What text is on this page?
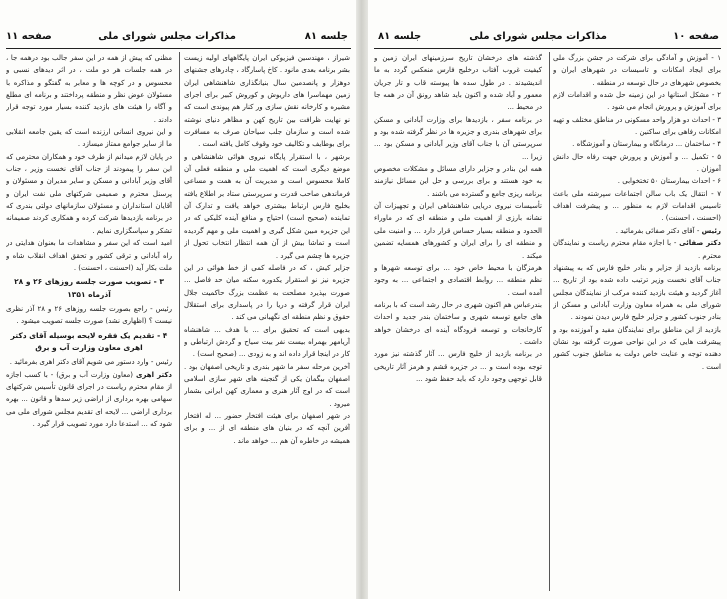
جلسه ۸۱
مذاکرات مجلس شورای ملی
صفحه ۱۱

شیراز ، مهندسین فیزیوکی ایران پایگاههای اولیه زیست بشر برنامه بعدی مانود . کاخ پاسارگاد ، چادرهای جشنهای دوهزار و پانصدمین سال بنیانگذاری شاهنشاهی ایران زمین مهماسرا های داریوش و کوروش کبیر برای اجرای مشیره و کارخانه نقش سازی ور کنار هم پیوندی است که نو نهایت ظرافت بین تاریخ کهن و مظاهر دنیای نوشته شده است و سازمان جلب سیاحان صرف به مسافرت برای بوطایف و تکالیف خود وقوف کامل یافته است .

برشهر ، با استقرار پایگاه نیروی هوائی شاهنشاهی و موضع دیگری است که اهمیت ملی و منطقه فعلی آن کاملا محسوس است و مدیریت آن به همت و مساعی فرماندهی صاحب قدرت و سرپرستی ستاد بر اطلاع یافته بخلیج فارس ارتباط بیشتری خواهد یافت و تدارک آن تماینده (صحیح است) احتیاج و منافع آینده کلیکی که در این جزیره مبین شکل گیری و اهمیت ملی و مهم گردیده است و تماشا بیش از آن همه انتظار انتخاب تحول از جزیره ها چشم می گیرد .

جزایر کیش ، که در فاصله کمی از خط هوائی در این جزیره نیز نو استقرار یکدوره سکنه میان حد فاصل ... صورت بپذیرد مصلحت به عظمت بزرگ حاکمیت جلال ایران قرار گرفته و دریا را در پاسداری برای استقلال حقوق و نظم منطقه ای نگهبانی می کند .

بدیهی است که تحقیق برای ... با هدف ... شاهنشاه آریامهر بهمراه بیست نفر بیت سیاح و گردش ارتباطی و کار در اینجا قرار داده اند و به زودی ... (صحیح است) .

آخرین مرحله سفر ما شهر بندری و تاریخی اصفهان بود . اصفهان بیگمان یکی از گنجینه های شهر سازی اسلامی است که در اوج آثار هنری و معماری کهن ایرانی بشمار میرود .

در شهر اصفهان برای هیئت افتخار حضور ... له افتخار آفرین آنچه که در بنیان های منطقه ای از ... و برای همیشه در خاطره آن هم ... خواهد ماند .

مظنی که پیش از همه در این سفر جالب بود درهمه جا ، در همه جلسات هر دو ملت ، در اثر دیدهای نسبی و محسوس و در کوچه ها و معابر به گفتگو و مذاکره با مسئولان عوض نظر و منطقه پرداختند و برنامه ای مطلع و آگاه را هیئت های بازدید کننده بسیار مورد توجه قرار دادند .

و این نیروی انسانی ارزنده است که یقین جامعه انقلابی ما از سایر جوامع ممتاز میسازد .

در پایان لازم میدانم از طرف خود و همکاران محترمی که این سفر را پیمودند از جناب آقای نخست وزیر ، جناب آقای وزیر آبادانی و مسکن و سایر مدیران و مسئولان و پرسنل محترم و صمیمی شرکتهای ملی نفت ایران و آقایان استانداران و مسئولان سازمانهای دولتی بندری که در برنامه بازدیدها شرکت کرده و همکاری کردند صمیمانه تشکر و سپاسگزاری نمایم .

امید است که این سفر و مشاهدات ما بعنوان هدایتی در راه آبادانی و ترقی کشور و تحقق اهداف انقلاب شاه و ملت بکار آید (احسنت ، احسنت) .

۳ - تصویب صورت جلسه روزهای ۲۶ و ۲۸ آذرماه ۱۳۵۱

رئیس - راجع بصورت جلسه روزهای ۲۶ و ۲۸ آذر نظری نیست ؟ (اظهاری نشد) صورت جلسه تصویب میشود .

۴ - تقدیم یک فقره لایحه بوسیله آقای دکتر اهری معاون وزارت آب و برق

رئیس - وارد دستور می شویم آقای دکتر اهری بفرمائید .

دکتر اهری (معاون وزارت آب و برق) - با کسب اجازه از مقام محترم ریاست در اجرای قانون تأسیس شرکتهای سهامی بهره برداری از اراضی زیر سدها و قانون ... بهره برداری اراضی ... لایحه ای تقدیم مجلس شورای ملی می شود که ... استدعا دارد مورد تصویب قرار گیرد .

صفحه ۱۰
مذاکرات مجلس شورای ملی
جلسه ۸۱

۱ - آموزش و آمادگی برای شرکت در جشن بزرگ ملی برای ایجاد امکانات و تاسیسات در شهرهای ایران و بخصوص شهرهای در حال توسعه در منطقه .

۲ - مشکل استانها در این زمینه حل شده و اقدامات لازم برای آموزش و پرورش انجام می شود .

۳ - احداث دو هزار واحد مسکونی در مناطق مختلف و تهیه امکانات رفاهی برای ساکنین .

۴ - ساختمان ... درمانگاه و بیمارستان و آموزشگاه .

۵ - تکمیل ... و آموزش و پرورش جهت رفاه حال دانش آموزان .

۶ - احداث بیمارستان ۵۰ تختخوابی .

۷ - انتقال یک باب سالن اجتماعات سپرشته ملی باعث تاسیس اقدامات لازم به منظور ... و پیشرفت اهداف (احسنت ، احسنت) .

رئیس - آقای دکتر صفائی بفرمائید .

دکتر صفائی - با اجازه مقام محترم ریاست و نمایندگان محترم .

برنامه بازدید از جزایر و بنادر خلیج فارس که به پیشنهاد جناب آقای نخست وزیر ترتیب داده شده بود از تاریخ ... آغاز گردید و هیئت بازدید کننده مرکب از نمایندگان مجلس شورای ملی به همراه معاون وزارت آبادانی و مسکن از بنادر جنوب کشور و جزایر خلیج فارس دیدن نمودند .

بازدید از این مناطق برای نمایندگان مفید و آموزنده بود و پیشرفت هایی که در این نواحی صورت گرفته بود نشان دهنده توجه و عنایت خاص دولت به مناطق جنوب کشور است .

گذشته های درخشان تاریخ سرزمینهای ایران زمین و کیفیت غروب آفتاب درخلیج فارس منعکس گردد به ما اندیشیدند . در طول سده ها پیوسته قاب و تار جریان معمور و آباد شده و اکنون باید شاهد رونق آن در همه جا در محیط ...

در برنامه سفر ، بازدیدها برای وزارت آبادانی و مسکن برای شهرهای بندری و جزیره ها در نظر گرفته شده بود و سرپرستی آن با جناب آقای وزیر آبادانی و مسکن بود ... زیرا ...

همه این بنادر و جزایر دارای مسائل و مشکلات مخصوص به خود هستند و برای بررسی و حل این مسائل نیازمند برنامه ریزی جامع و گسترده می باشند .

تأسیسات نیروی دریایی شاهنشاهی ایران و تجهیزات آن نشانه بارزی از اهمیت ملی و منطقه ای که در ماوراء الحدود و منطقه بسیار حساس قرار دارد ... و امنیت ملی و منطقه ای را برای ایران و کشورهای همسایه تضمین میکند .

هرمزگان با محیط خاص خود ... برای توسعه شهرها و نظم منطقه ... روابط اقتصادی و اجتماعی ... به وجود آمده است .

بندرعباس هم اکنون شهری در حال رشد است که با برنامه های جامع توسعه شهری و ساختمان بندر جدید و احداث کارخانجات و توسعه فرودگاه آینده ای درخشان خواهد داشت .

در برنامه بازدید از خلیج فارس ... آثار گذشته نیز مورد توجه بوده است و ... در جزیره قشم و هرمز آثار تاریخی قابل توجهی وجود دارد که باید حفظ شود ...
